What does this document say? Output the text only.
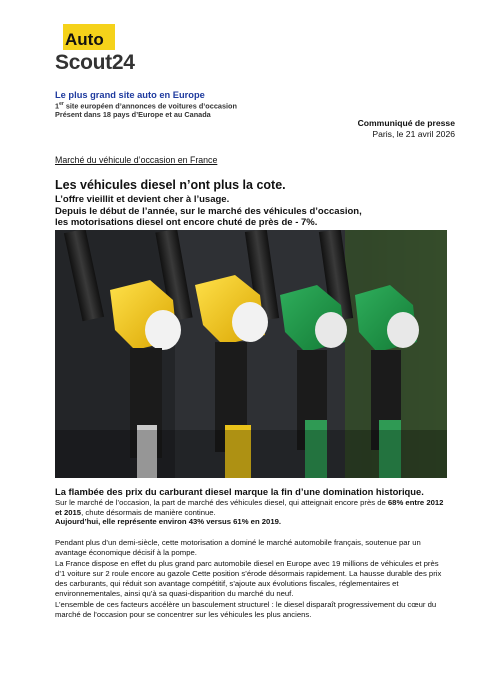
Auto
Scout24
Le plus grand site auto en Europe
1er site européen d’annonces de voitures d’occasion
Présent dans 18 pays d’Europe et au Canada
Communiqué de presse
Paris, le 21 avril 2026
Marché du véhicule d’occasion en France
Les véhicules diesel n’ont plus la cote.
L’offre vieillit et devient cher à l’usage.
Depuis le début de l’année, sur le marché des véhicules d’occasion,
les motorisations diesel ont encore chuté de près de - 7%.
La flambée des prix du carburant diesel marque la fin d’une domination historique.
Sur le marché de l’occasion, la part de marché des véhicules diesel, qui atteignait encore près de 68% entre 2012 et 2015, chute désormais de manière continue.
Aujourd’hui, elle représente environ 43% versus 61% en 2019.

Pendant plus d’un demi-siècle, cette motorisation a dominé le marché automobile français, soutenue par un avantage économique décisif à la pompe.

La France dispose en effet du plus grand parc automobile diesel en Europe avec 19 millions de véhicules et près d’1 voiture sur 2 roule encore au gazole Cette position s’érode désormais rapidement. La hausse durable des prix des carburants, qui réduit son avantage compétitif, s’ajoute aux évolutions fiscales, réglementaires et environnementales, ainsi qu’à sa quasi-disparition du marché du neuf.

L’ensemble de ces facteurs accélère un basculement structurel : le diesel disparaît progressivement du cœur du marché de l’occasion pour se concentrer sur les véhicules les plus anciens.
